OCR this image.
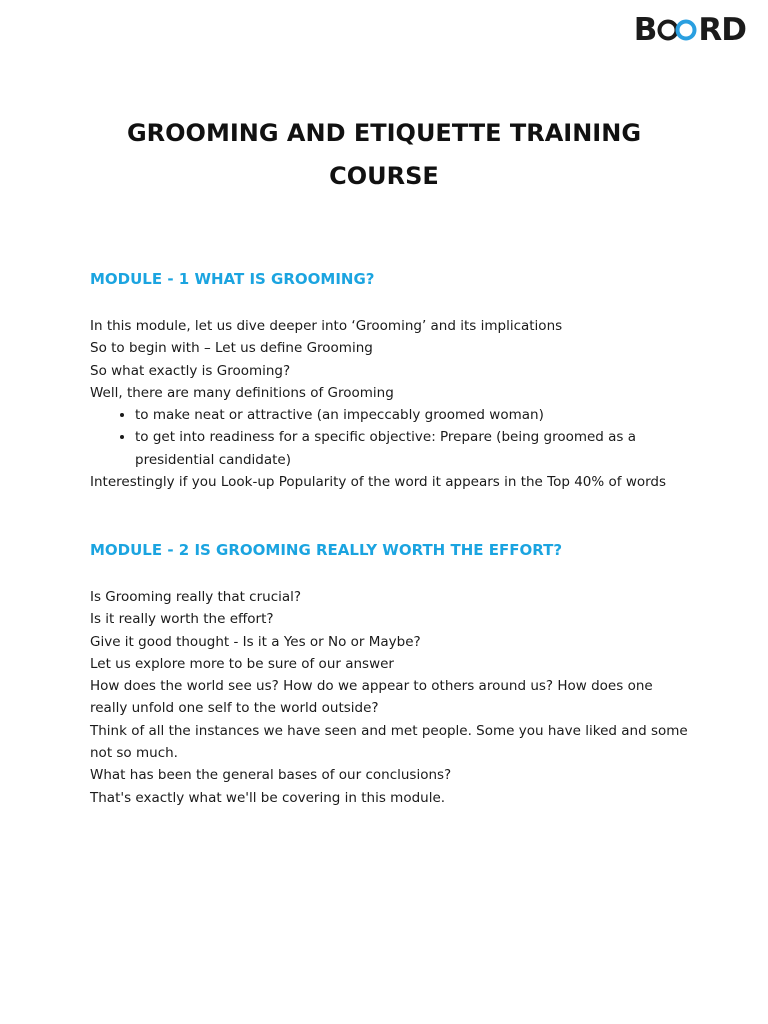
B RD
GROOMING AND ETIQUETTE TRAINING COURSE
MODULE - 1 WHAT IS GROOMING?

In this module, let us dive deeper into ‘Grooming’ and its implications

So to begin with – Let us define Grooming

So what exactly is Grooming?

Well, there are many definitions of Grooming

• to make neat or attractive (an impeccably groomed woman)
• to get into readiness for a specific objective: Prepare (being groomed as a presidential candidate)

Interestingly if you Look-up Popularity of the word it appears in the Top 40% of words

MODULE - 2 IS GROOMING REALLY WORTH THE EFFORT?

Is Grooming really that crucial?

Is it really worth the effort?

Give it good thought - Is it a Yes or No or Maybe?

Let us explore more to be sure of our answer

How does the world see us? How do we appear to others around us? How does one really unfold one self to the world outside?

Think of all the instances we have seen and met people. Some you have liked and some not so much.

What has been the general bases of our conclusions?

That's exactly what we'll be covering in this module.
